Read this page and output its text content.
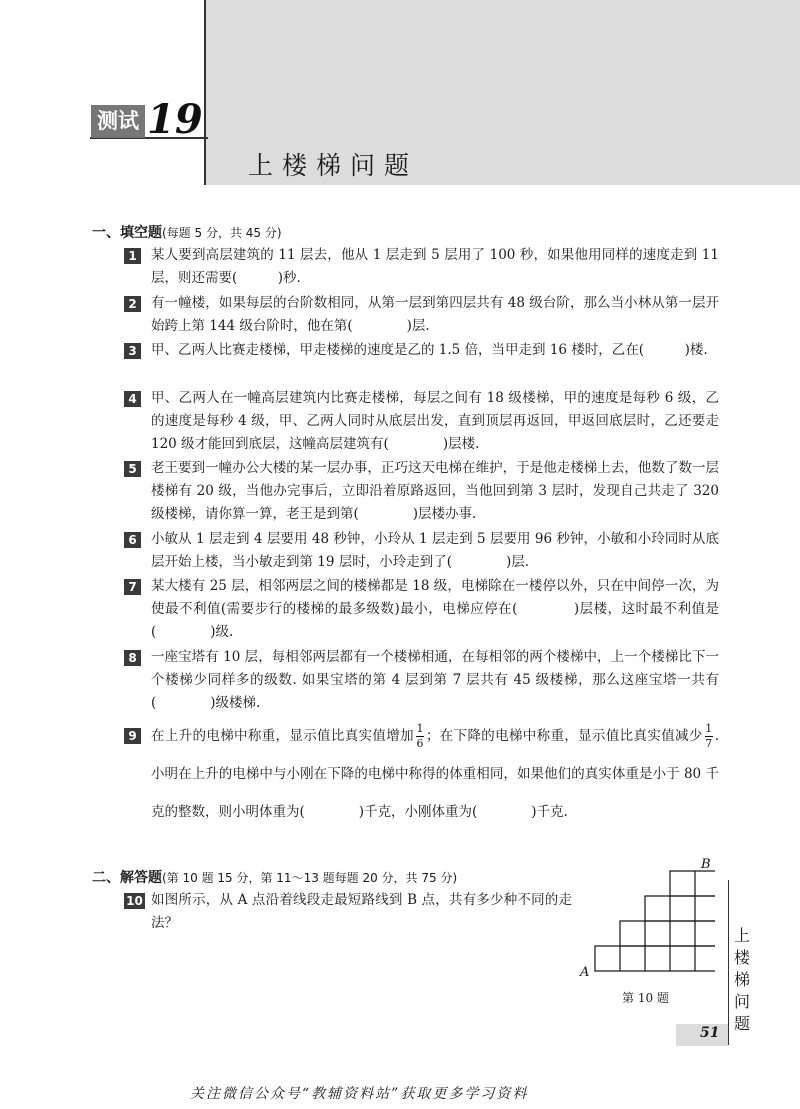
测试 19
上楼梯问题
一、填空题(每题 5 分，共 45 分)
1	某人要到高层建筑的 11 层去，他从 1 层走到 5 层用了 100 秒，如果他用同样的速度走到 11 层，则还需要(　　　)秒.
2	有一幢楼，如果每层的台阶数相同，从第一层到第四层共有 48 级台阶，那么当小林从第一层开始跨上第 144 级台阶时，他在第(　　　　)层.
3	甲、乙两人比赛走楼梯，甲走楼梯的速度是乙的 1.5 倍，当甲走到 16 楼时，乙在(　　　)楼.
4	甲、乙两人在一幢高层建筑内比赛走楼梯，每层之间有 18 级楼梯，甲的速度是每秒 6 级，乙的速度是每秒 4 级，甲、乙两人同时从底层出发，直到顶层再返回，甲返回底层时，乙还要走 120 级才能回到底层，这幢高层建筑有(　　　　)层楼.
5	老王要到一幢办公大楼的某一层办事，正巧这天电梯在维护，于是他走楼梯上去，他数了数一层楼梯有 20 级，当他办完事后，立即沿着原路返回，当他回到第 3 层时，发现自己共走了 320 级楼梯，请你算一算，老王是到第(　　　　)层楼办事.
6	小敏从 1 层走到 4 层要用 48 秒钟，小玲从 1 层走到 5 层要用 96 秒钟，小敏和小玲同时从底层开始上楼，当小敏走到第 19 层时，小玲走到了(　　　　)层.
7	某大楼有 25 层，相邻两层之间的楼梯都是 18 级，电梯除在一楼停以外，只在中间停一次，为使最不利值(需要步行的楼梯的最多级数)最小，电梯应停在(　　　　)层楼，这时最不利值是(　　　　)级.
8	一座宝塔有 10 层，每相邻两层都有一个楼梯相通，在每相邻的两个楼梯中，上一个楼梯比下一个楼梯少同样多的级数. 如果宝塔的第 4 层到第 7 层共有 45 级楼梯，那么这座宝塔一共有(　　　　)级楼梯.
9	在上升的电梯中称重，显示值比真实值增加 $\frac{1}{6}$ ；在下降的电梯中称重，显示值比真实值减少 $\frac{1}{7}$ . 小明在上升的电梯中与小刚在下降的电梯中称得的体重相同，如果他们的真实体重是小于 80 千克的整数，则小明体重为(　　　　)千克，小刚体重为(　　　　)千克.
二、解答题(第 10 题 15 分，第 11～13 题每题 20 分，共 75 分)
10 如图所示，从 A 点沿着线段走最短路线到 B 点，共有多少种不同的走法？
A
B
第 10 题
上楼梯问题
51
关注微信公众号“教辅资料站”获取更多学习资料
